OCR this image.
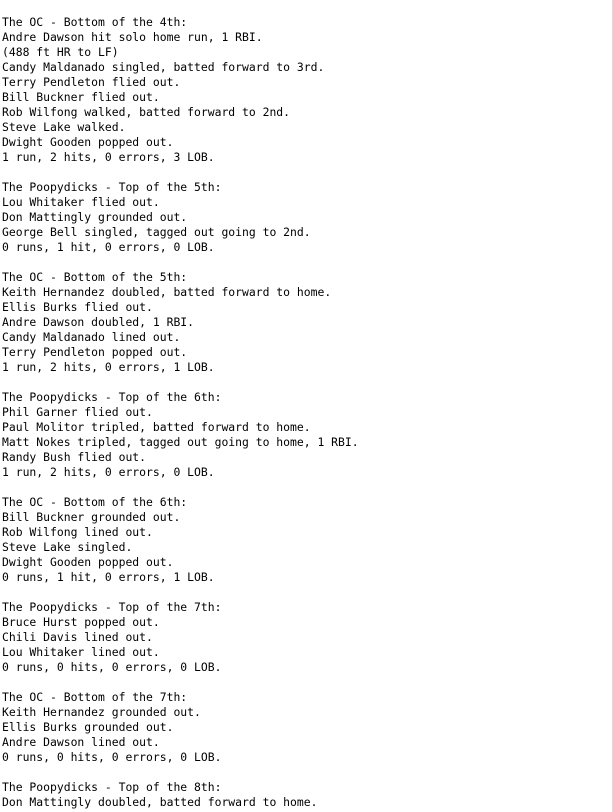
The OC - Bottom of the 4th:
Andre Dawson hit solo home run, 1 RBI.
(488 ft HR to LF)
Candy Maldanado singled, batted forward to 3rd.
Terry Pendleton flied out.
Bill Buckner flied out.
Rob Wilfong walked, batted forward to 2nd.
Steve Lake walked.
Dwight Gooden popped out.
1 run, 2 hits, 0 errors, 3 LOB.
The Poopydicks - Top of the 5th:
Lou Whitaker flied out.
Don Mattingly grounded out.
George Bell singled, tagged out going to 2nd.
0 runs, 1 hit, 0 errors, 0 LOB.
The OC - Bottom of the 5th:
Keith Hernandez doubled, batted forward to home.
Ellis Burks flied out.
Andre Dawson doubled, 1 RBI.
Candy Maldanado lined out.
Terry Pendleton popped out.
1 run, 2 hits, 0 errors, 1 LOB.
The Poopydicks - Top of the 6th:
Phil Garner flied out.
Paul Molitor tripled, batted forward to home.
Matt Nokes tripled, tagged out going to home, 1 RBI.
Randy Bush flied out.
1 run, 2 hits, 0 errors, 0 LOB.
The OC - Bottom of the 6th:
Bill Buckner grounded out.
Rob Wilfong lined out.
Steve Lake singled.
Dwight Gooden popped out.
0 runs, 1 hit, 0 errors, 1 LOB.
The Poopydicks - Top of the 7th:
Bruce Hurst popped out.
Chili Davis lined out.
Lou Whitaker lined out.
0 runs, 0 hits, 0 errors, 0 LOB.
The OC - Bottom of the 7th:
Keith Hernandez grounded out.
Ellis Burks grounded out.
Andre Dawson lined out.
0 runs, 0 hits, 0 errors, 0 LOB.
The Poopydicks - Top of the 8th:
Don Mattingly doubled, batted forward to home.
